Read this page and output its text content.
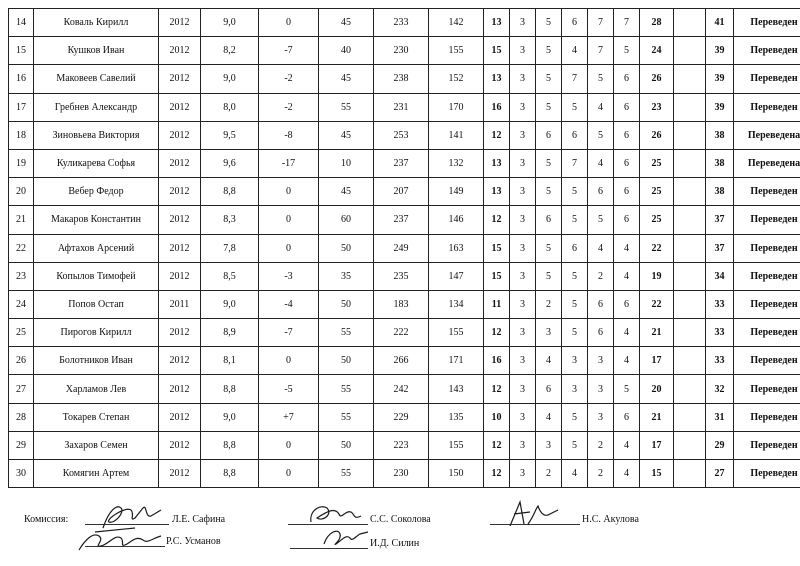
14	Коваль Кирилл	2012	9,0	0	45	233	142	13	3	5	6	7	7	28		41	Переведен
15	Кушков Иван	2012	8,2	-7	40	230	155	15	3	5	4	7	5	24		39	Переведен
16	Маковеев Савелий	2012	9,0	-2	45	238	152	13	3	5	7	5	6	26		39	Переведен
17	Гребнев Александр	2012	8,0	-2	55	231	170	16	3	5	5	4	6	23		39	Переведен
18	Зиновьева Виктория	2012	9,5	-8	45	253	141	12	3	6	6	5	6	26		38	Переведена
19	Куликарева Софья	2012	9,6	-17	10	237	132	13	3	5	7	4	6	25		38	Переведена
20	Вебер Федор	2012	8,8	0	45	207	149	13	3	5	5	6	6	25		38	Переведен
21	Макаров Константин	2012	8,3	0	60	237	146	12	3	6	5	5	6	25		37	Переведен
22	Афтахов Арсений	2012	7,8	0	50	249	163	15	3	5	6	4	4	22		37	Переведен
23	Копылов Тимофей	2012	8,5	-3	35	235	147	15	3	5	5	2	4	19		34	Переведен
24	Попов Остап	2011	9,0	-4	50	183	134	11	3	2	5	6	6	22		33	Переведен
25	Пирогов Кирилл	2012	8,9	-7	55	222	155	12	3	3	5	6	4	21		33	Переведен
26	Болотников Иван	2012	8,1	0	50	266	171	16	3	4	3	3	4	17		33	Переведен
27	Харламов Лев	2012	8,8	-5	55	242	143	12	3	6	3	3	5	20		32	Переведен
28	Токарев Степан	2012	9,0	+7	55	229	135	10	3	4	5	3	6	21		31	Переведен
29	Захаров Семен	2012	8,8	0	50	223	155	12	3	3	5	2	4	17		29	Переведен
30	Комягин Артем	2012	8,8	0	55	230	150	12	3	2	4	2	4	15		27	Переведен
Комиссия:	Л.Е. Сафина	С.С. Соколова	Н.С. Акулова
Р.С. Усманов	И.Д. Силин
